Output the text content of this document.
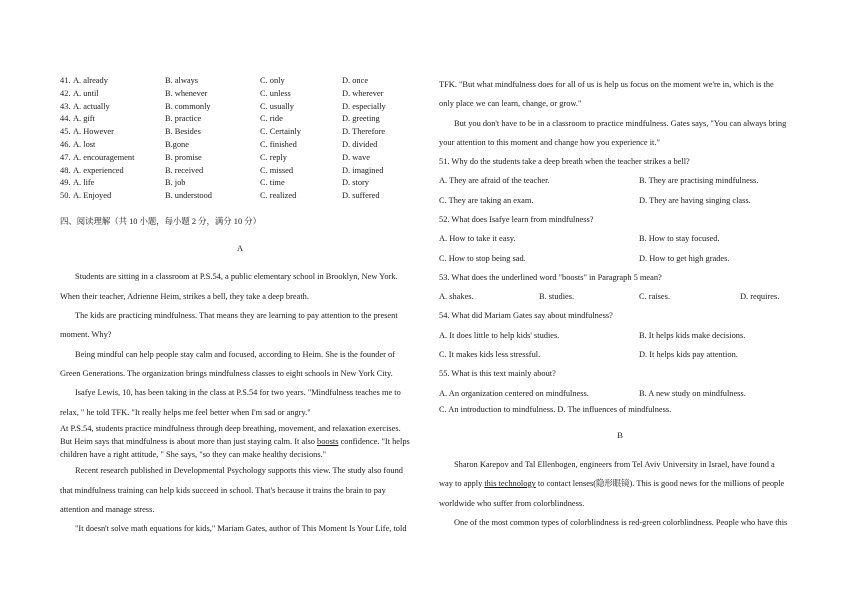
41. A. already	B. always	C. only	D. once
42. A. until	B. whenever	C. unless	D. wherever
43. A. actually	B. commonly	C. usually	D. especially
44. A. gift	B. practice	C. ride	D. greeting
45. A. However	B. Besides	C. Certainly	D. Therefore
46. A. lost	B.gone	C. finished	D. divided
47. A. encouragement	B. promise	C. reply	D. wave
48. A. experienced	B. received	C. missed	D. imagined
49. A. life	B. job	C. time	D. story
50. A. Enjoyed	B. understood	C. realized	D. suffered
四、阅读理解（共 10 小题，每小题 2 分，满分 10 分）
A
Students are sitting in a classroom at P.S.54, a public elementary school in Brooklyn, New York.
When their teacher, Adrienne Heim, strikes a bell, they take a deep breath.
The kids are practicing mindfulness. That means they are learning to pay attention to the present
moment. Why?
Being mindful can help people stay calm and focused, according to Heim. She is the founder of
Green Generations. The organization brings mindfulness classes to eight schools in New York City.
Isafye Lewis, 10, has been taking in the class at P.S.54 for two years. "Mindfulness teaches me to
relax, " he told TFK. "It really helps me feel better when I'm sad or angry."
At P.S.54, students practice mindfulness through deep breathing, movement, and relaxation exercises.
But Heim says that mindfulness is about more than just staying calm. It also boosts confidence. "It helps
children have a right attitude, " She says, "so they can make healthy decisions."
Recent research published in Developmental Psychology supports this view. The study also found
that mindfulness training can help kids succeed in school. That's because it trains the brain to pay
attention and manage stress.
"It doesn't solve math equations for kids," Mariam Gates, author of This Moment Is Your Life, told
TFK. "But what mindfulness does for all of us is help us focus on the moment we're in, which is the
only place we can learn, change, or grow."
But you don't have to be in a classroom to practice mindfulness. Gates says, "You can always bring
your attention to this moment and change how you experience it."
51. Why do the students take a deep breath when the teacher strikes a bell?
A. They are afraid of the teacher.	B. They are practising mindfulness.
C. They are taking an exam.	D. They are having singing class.
52. What does Isafye learn from mindfulness?
A. How to take it easy.	B. How to stay focused.
C. How to stop being sad.	D. How to get high grades.
53. What does the underlined word "boosts" in Paragraph 5 mean?
A. shakes.	B. studies.	C. raises.	D. requires.
54. What did Mariam Gates say about mindfulness?
A. It does little to help kids' studies.	B. It helps kids make decisions.
C. It makes kids less stressful.	D. It helps kids pay attention.
55. What is this text mainly about?
A. An organization centered on mindfulness.	B. A new study on mindfulness.
C. An introduction to mindfulness. D. The influences of mindfulness.
B
Sharon Karepov and Tal Ellenbogen, engineers from Tel Aviv University in Israel, have found a
way to apply this technology to contact lenses(隐形眼镜). This is good news for the millions of people
worldwide who suffer from colorblindness.
One of the most common types of colorblindness is red-green colorblindness. People who have this
